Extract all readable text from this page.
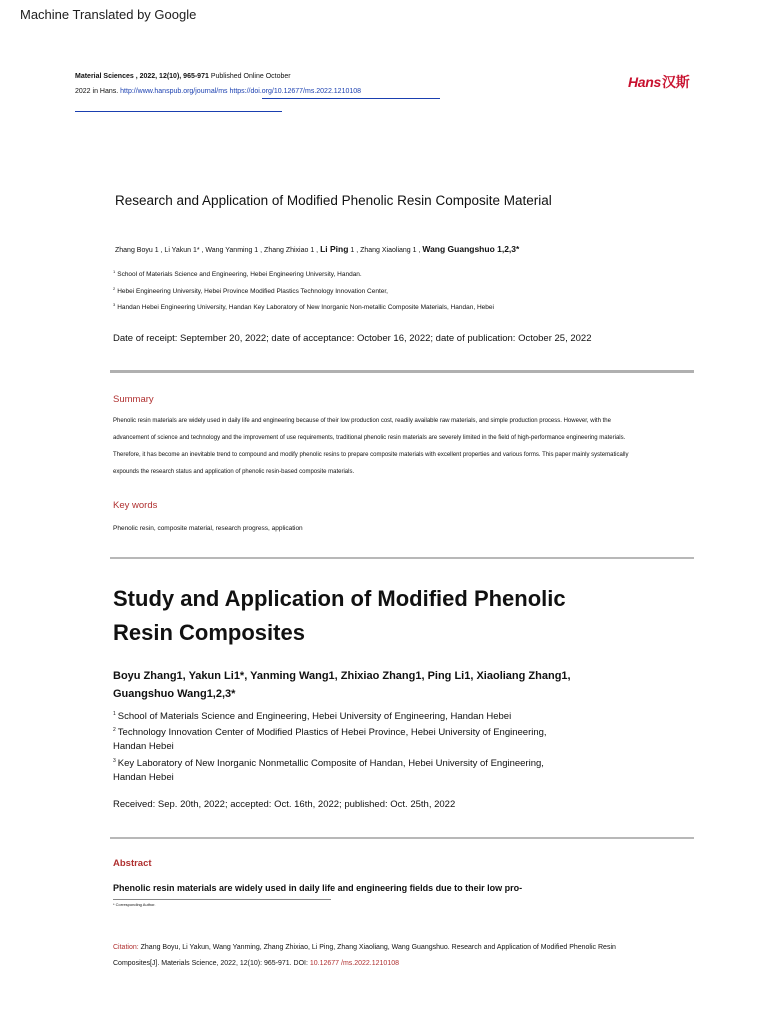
Machine Translated by Google
Material Sciences , 2022, 12(10), 965-971 Published Online October
2022 in Hans. http://www.hanspub.org/journal/ms https://doi.org/10.12677/ms.2022.1210108
Hans汉斯
Research and Application of Modified Phenolic Resin Composite Material
Zhang Boyu 1 , Li Yakun 1* , Wang Yanming 1 , Zhang Zhixiao 1 , Li Ping 1 , Zhang Xiaoliang 1 , Wang Guangshuo 1,2,3*
$^1$ School of Materials Science and Engineering, Hebei Engineering University, Handan.
$^2$ Hebei Engineering University, Hebei Province Modified Plastics Technology Innovation Center,
$^3$ Handan Hebei Engineering University, Handan Key Laboratory of New Inorganic Non-metallic Composite Materials, Handan, Hebei
Date of receipt: September 20, 2022; date of acceptance: October 16, 2022; date of publication: October 25, 2022
Summary
Phenolic resin materials are widely used in daily life and engineering because of their low production cost, readily available raw materials, and simple production process. However, with the
advancement of science and technology and the improvement of use requirements, traditional phenolic resin materials are severely limited in the field of high-performance engineering materials.
Therefore, it has become an inevitable trend to compound and modify phenolic resins to prepare composite materials with excellent properties and various forms. This paper mainly systematically
expounds the research status and application of phenolic resin-based composite materials.
Key words
Phenolic resin, composite material, research progress, application
Study and Application of Modified Phenolic
Resin Composites
Boyu Zhang1, Yakun Li1*, Yanming Wang1, Zhixiao Zhang1, Ping Li1, Xiaoliang Zhang1,
Guangshuo Wang1,2,3*
$^1$ School of Materials Science and Engineering, Hebei University of Engineering, Handan Hebei
$^2$ Technology Innovation Center of Modified Plastics of Hebei Province, Hebei University of Engineering,
Handan Hebei
$^3$ Key Laboratory of New Inorganic Nonmetallic Composite of Handan, Hebei University of Engineering,
Handan Hebei
Received: Sep. 20th, 2022; accepted: Oct. 16th, 2022; published: Oct. 25th, 2022
Abstract
Phenolic resin materials are widely used in daily life and engineering fields due to their low pro-
* Corresponding Author.
Citation: Zhang Boyu, Li Yakun, Wang Yanming, Zhang Zhixiao, Li Ping, Zhang Xiaoliang, Wang Guangshuo. Research and Application of Modified Phenolic Resin
Composites[J]. Materials Science, 2022, 12(10): 965-971. DOI: 10.12677 /ms.2022.1210108
